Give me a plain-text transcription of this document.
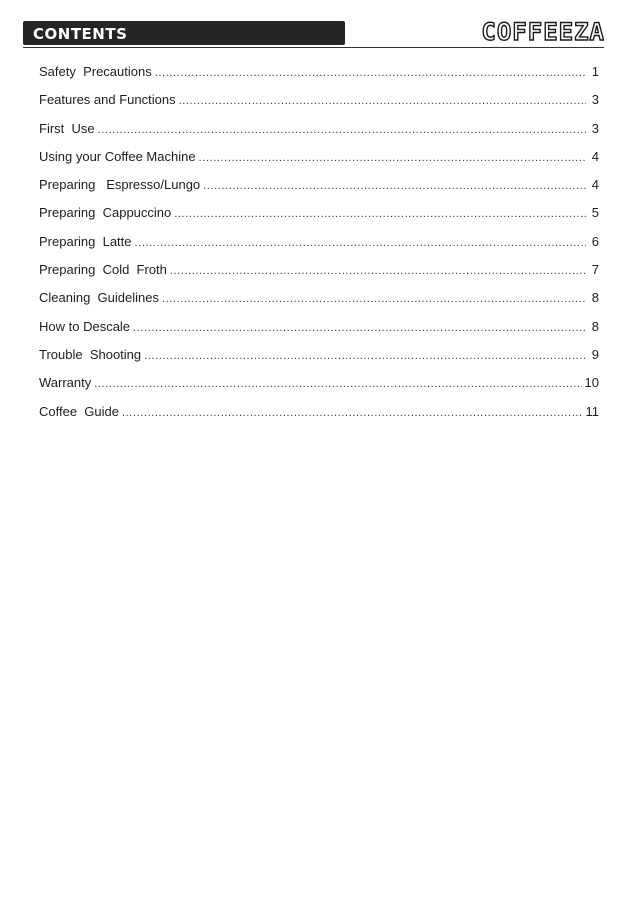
CONTENTS	COFFEEZA
Safety  Precautions .....	1
Features and Functions .....	3
First  Use .....	3
Using your Coffee Machine .....	4
Preparing   Espresso/Lungo .....	4
Preparing  Cappuccino .....	5
Preparing  Latte .....	6
Preparing  Cold  Froth .....	7
Cleaning  Guidelines .....	8
How to Descale .....	8
Trouble  Shooting .....	9
Warranty .....	10
Coffee  Guide .....	11
